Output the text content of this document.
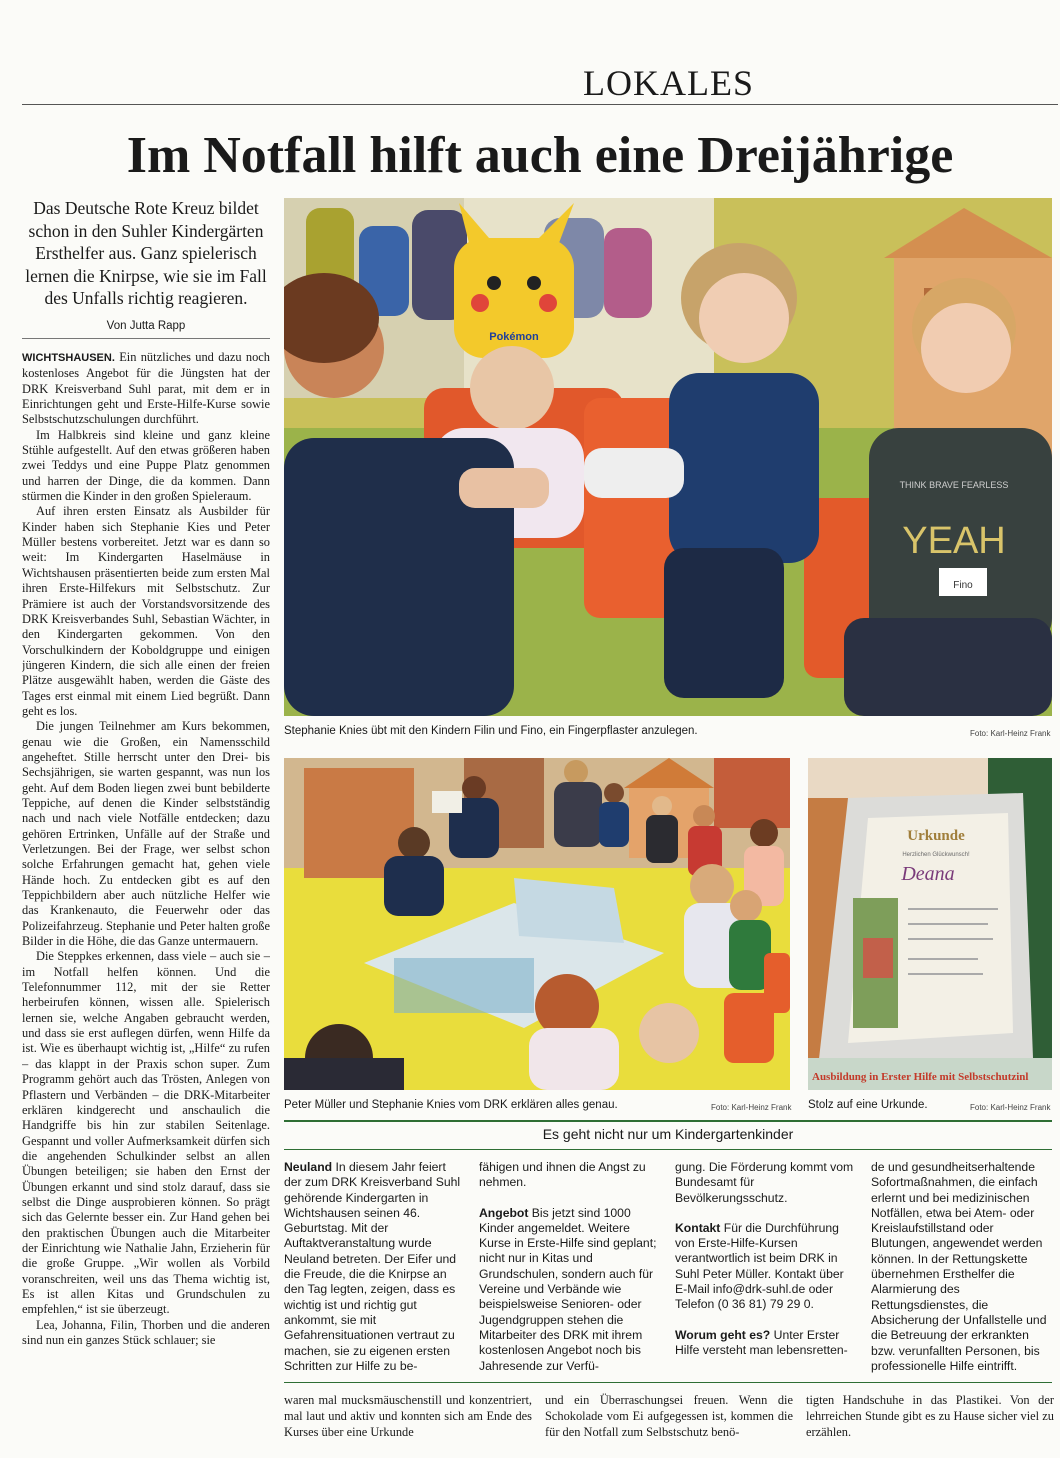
LOKALES
Im Notfall hilft auch eine Dreijährige
Das Deutsche Rote Kreuz bildet schon in den Suhler Kindergärten Ersthelfer aus. Ganz spielerisch lernen die Knirpse, wie sie im Fall des Unfalls richtig reagieren.
Von Jutta Rapp

WICHTSHAUSEN. Ein nützliches und dazu noch kostenloses Angebot für die Jüngsten hat der DRK Kreisverband Suhl parat, mit dem er in Einrichtungen geht und Erste-Hilfe-Kurse sowie Selbstschutzschulungen durchführt.

Im Halbkreis sind kleine und ganz kleine Stühle aufgestellt. Auf den etwas größeren haben zwei Teddys und eine Puppe Platz genommen und harren der Dinge, die da kommen. Dann stürmen die Kinder in den großen Spieleraum.

Auf ihren ersten Einsatz als Ausbilder für Kinder haben sich Stephanie Kies und Peter Müller bestens vorbereitet. Jetzt war es dann so weit: Im Kindergarten Haselmäuse in Wichtshausen präsentierten beide zum ersten Mal ihren Erste-Hilfekurs mit Selbstschutz. Zur Prämiere ist auch der Vorstandsvorsitzende des DRK Kreisverbandes Suhl, Sebastian Wächter, in den Kindergarten gekommen. Von den Vorschulkindern der Koboldgruppe und einigen jüngeren Kindern, die sich alle einen der freien Plätze ausgewählt haben, werden die Gäste des Tages erst einmal mit einem Lied begrüßt. Dann geht es los.

Die jungen Teilnehmer am Kurs bekommen, genau wie die Großen, ein Namensschild angeheftet. Stille herrscht unter den Drei- bis Sechsjährigen, sie warten gespannt, was nun los geht. Auf dem Boden liegen zwei bunt bebilderte Teppiche, auf denen die Kinder selbstständig nach und nach viele Notfälle entdecken; dazu gehören Ertrinken, Unfälle auf der Straße und Verletzungen. Bei der Frage, wer selbst schon solche Erfahrungen gemacht hat, gehen viele Hände hoch. Zu entdecken gibt es auf den Teppichbildern aber auch nützliche Helfer wie das Krankenauto, die Feuerwehr oder das Polizeifahrzeug. Stephanie und Peter halten große Bilder in die Höhe, die das Ganze untermauern.

Die Steppkes erkennen, dass viele – auch sie – im Notfall helfen können. Und die Telefonnummer 112, mit der sie Retter herbeirufen können, wissen alle. Spielerisch lernen sie, welche Angaben gebraucht werden, und dass sie erst auflegen dürfen, wenn Hilfe da ist. Wie es überhaupt wichtig ist, „Hilfe“ zu rufen – das klappt in der Praxis schon super. Zum Programm gehört auch das Trösten, Anlegen von Pflastern und Verbänden – die DRK-Mitarbeiter erklären kindgerecht und anschaulich die Handgriffe bis hin zur stabilen Seitenlage. Gespannt und voller Aufmerksamkeit dürfen sich die angehenden Schulkinder selbst an allen Übungen beteiligen; sie haben den Ernst der Übungen erkannt und sind stolz darauf, dass sie selbst die Dinge ausprobieren können. So prägt sich das Gelernte besser ein. Zur Hand gehen bei den praktischen Übungen auch die Mitarbeiter der Einrichtung wie Nathalie Jahn, Erzieherin für die große Gruppe. „Wir wollen als Vorbild voranschreiten, weil uns das Thema wichtig ist, Es ist allen Kitas und Grundschulen zu empfehlen,“ ist sie überzeugt.

Lea, Johanna, Filin, Thorben und die anderen sind nun ein ganzes Stück schlauer; sie

Pokémon
YEAH
THINK BRAVE FEARLESS
Fino
Stephanie Knies übt mit den Kindern Filin und Fino, ein Fingerpflaster anzulegen.	Foto: Karl-Heinz Frank
Peter Müller und Stephanie Knies vom DRK erklären alles genau.	Foto: Karl-Heinz Frank
Urkunde
Herzlichen Glückwunsch!
Deana
Ausbildung in Erster Hilfe mit Selbstschutzinl
Stolz auf eine Urkunde.	Foto: Karl-Heinz Frank
Es geht nicht nur um Kindergartenkinder

Neuland In diesem Jahr feiert der zum DRK Kreisverband Suhl gehörende Kindergarten in Wichtshausen seinen 46. Geburtstag. Mit der Auftaktveranstaltung wurde Neuland betreten. Der Eifer und die Freude, die die Knirpse an den Tag legten, zeigen, dass es wichtig ist und richtig gut ankommt, sie mit Gefahrensituationen vertraut zu machen, sie zu eigenen ersten Schritten zur Hilfe zu be-

fähigen und ihnen die Angst zu nehmen.

Angebot Bis jetzt sind 1000 Kinder angemeldet. Weitere Kurse in Erste-Hilfe sind geplant; nicht nur in Kitas und Grundschulen, sondern auch für Vereine und Verbände wie beispielsweise Senioren- oder Jugendgruppen stehen die Mitarbeiter des DRK mit ihrem kostenlosen Angebot noch bis Jahresende zur Verfü-

gung. Die Förderung kommt vom Bundesamt für Bevölkerungsschutz.

Kontakt Für die Durchführung von Erste-Hilfe-Kursen verantwortlich ist beim DRK in Suhl Peter Müller. Kontakt über E-Mail info@drk-suhl.de oder Telefon (0 36 81) 79 29 0.

Worum geht es? Unter Erster Hilfe versteht man lebensretten-

de und gesundheitserhaltende Sofortmaßnahmen, die einfach erlernt und bei medizinischen Notfällen, etwa bei Atem- oder Kreislaufstillstand oder Blutungen, angewendet werden können. In der Rettungskette übernehmen Ersthelfer die Alarmierung des Rettungsdienstes, die Absicherung der Unfallstelle und die Betreuung der erkrankten bzw. verunfallten Personen, bis professionelle Hilfe eintrifft.

waren mal mucksmäuschenstill und konzentriert, mal laut und aktiv und konnten sich am Ende des Kurses über eine Urkunde
und ein Überraschungsei freuen. Wenn die Schokolade vom Ei aufgegessen ist, kommen die für den Notfall zum Selbstschutz benö-
tigten Handschuhe in das Plastikei. Von der lehrreichen Stunde gibt es zu Hause sicher viel zu erzählen.
